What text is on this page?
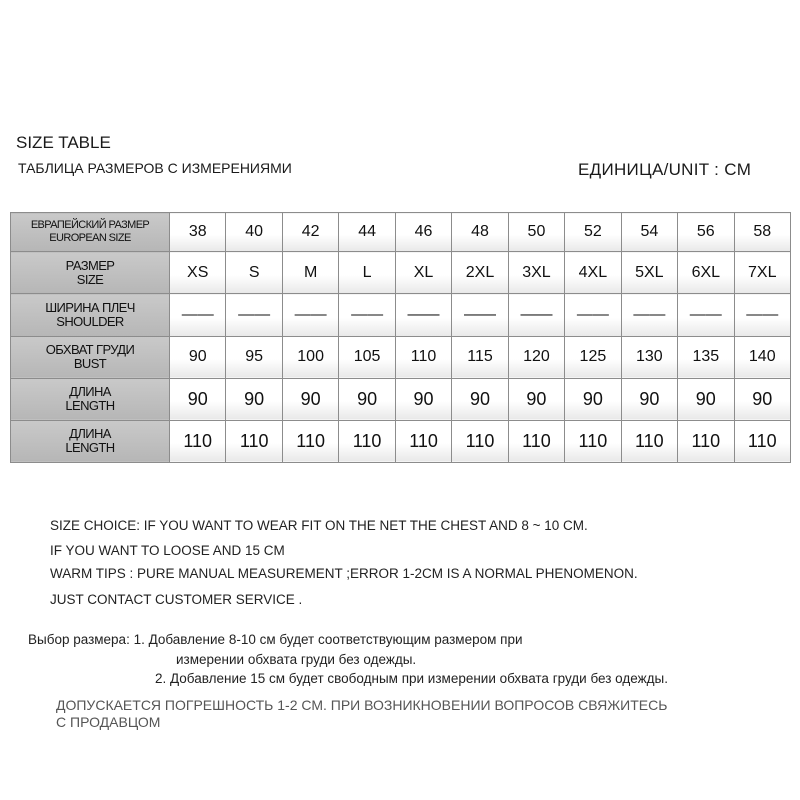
SIZE TABLE
ТАБЛИЦА РАЗМЕРОВ С ИЗМЕРЕНИЯМИ	ЕДИНИЦА/UNIT : CM
ЕВРАПЕЙСКИЙ РАЗМЕР
EUROPEAN SIZE	38	40	42	44	46	48	50	52	54	56	58

РАЗМЕР
SIZE	XS	S	M	L	XL	2XL	3XL	4XL	5XL	6XL	7XL

ШИРИНА ПЛЕЧ
SHOULDER	——	——	——	——	——	——	——	——	——	——	——

ОБХВАТ ГРУДИ
BUST	90	95	100	105	110	115	120	125	130	135	140

ДЛИНА
LENGTH	90	90	90	90	90	90	90	90	90	90	90

ДЛИНА
LENGTH	110	110	110	110	110	110	110	110	110	110	110
SIZE CHOICE: IF YOU WANT TO WEAR FIT ON THE NET THE CHEST AND 8 ~ 10 CM.
IF YOU WANT TO LOOSE AND 15 CM
WARM TIPS : PURE MANUAL MEASUREMENT ;ERROR 1-2CM IS A NORMAL PHENOMENON.
JUST CONTACT CUSTOMER SERVICE .
Выбор размера: 1. Добавление 8-10 см будет соответствующим размером при
измерении обхвата груди без одежды.
2. Добавление 15 см будет свободным при измерении обхвата груди без одежды.
ДОПУСКАЕТСЯ ПОГРЕШНОСТЬ 1-2 СМ. ПРИ ВОЗНИКНОВЕНИИ ВОПРОСОВ СВЯЖИТЕСЬ
С ПРОДАВЦОМ
